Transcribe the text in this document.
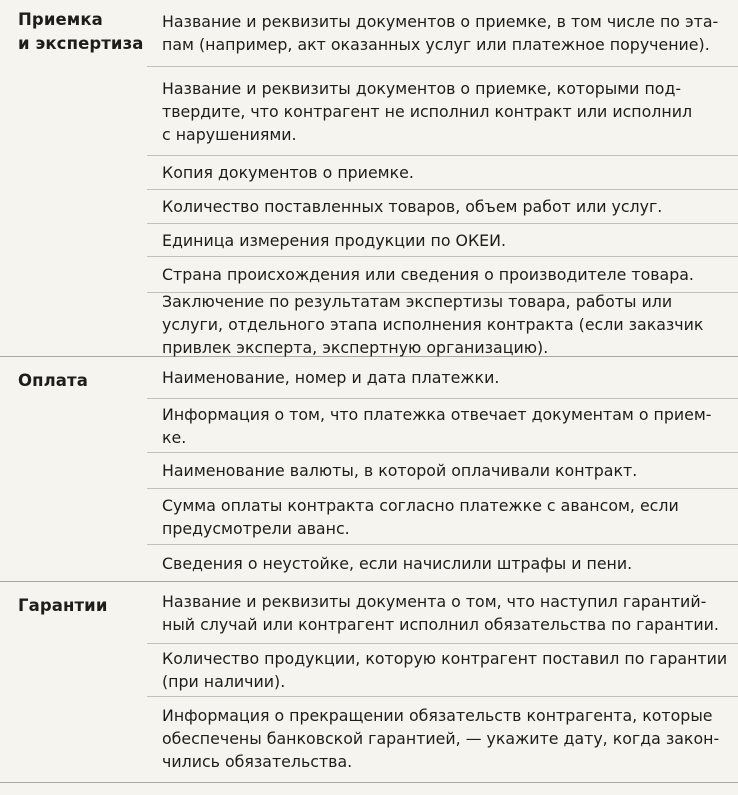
Приемка
и экспертиза
Название и реквизиты документов о приемке, в том числе по эта-
пам (например, акт оказанных услуг или платежное поручение).
Название и реквизиты документов о приемке, которыми под-
твердите, что контрагент не исполнил контракт или исполнил
с нарушениями.
Копия документов о приемке.
Количество поставленных товаров, объем работ или услуг.
Единица измерения продукции по ОКЕИ.
Страна происхождения или сведения о производителе товара.
Заключение по результатам экспертизы товара, работы или
услуги, отдельного этапа исполнения контракта (если заказчик
привлек эксперта, экспертную организацию).
Оплата	Наименование, номер и дата платежки.
Информация о том, что платежка отвечает документам о прием-
ке.
Наименование валюты, в которой оплачивали контракт.
Сумма оплаты контракта согласно платежке с авансом, если
предусмотрели аванс.
Сведения о неустойке, если начислили штрафы и пени.
Гарантии	Название и реквизиты документа о том, что наступил гарантий-
ный случай или контрагент исполнил обязательства по гарантии.
Количество продукции, которую контрагент поставил по гарантии
(при наличии).
Информация о прекращении обязательств контрагента, которые
обеспечены банковской гарантией, — укажите дату, когда закон-
чились обязательства.
